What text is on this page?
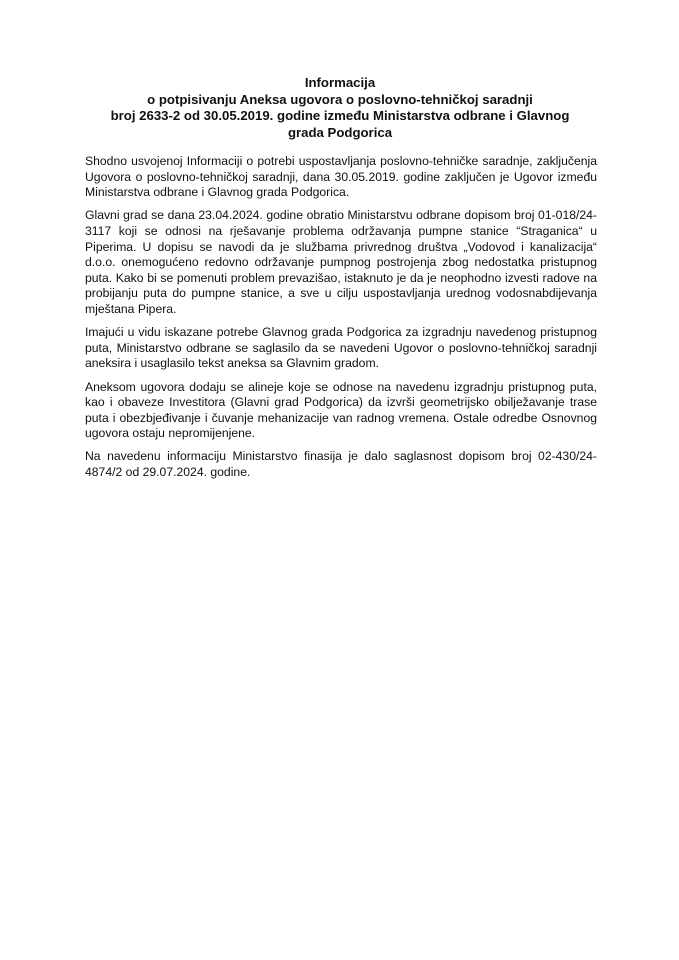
Informacija
o potpisivanju Aneksa ugovora o poslovno-tehničkoj saradnji
broj 2633-2 od 30.05.2019. godine između Ministarstva odbrane i Glavnog
grada Podgorica

Shodno usvojenoj Informaciji o potrebi uspostavljanja poslovno-tehničke saradnje, zaključenja Ugovora o poslovno-tehničkoj saradnji, dana 30.05.2019. godine zaključen je Ugovor između Ministarstva odbrane i Glavnog grada Podgorica.

Glavni grad se dana 23.04.2024. godine obratio Ministarstvu odbrane dopisom broj 01-018/24-3117 koji se odnosi na rješavanje problema održavanja pumpne stanice “Straganica“ u Piperima. U dopisu se navodi da je službama privrednog društva „Vodovod i kanalizacija“ d.o.o. onemogućeno redovno održavanje pumpnog postrojenja zbog nedostatka pristupnog puta. Kako bi se pomenuti problem prevazišao, istaknuto je da je neophodno izvesti radove na probijanju puta do pumpne stanice, a sve u cilju uspostavljanja urednog vodosnabdijevanja mještana Pipera.

Imajući u vidu iskazane potrebe Glavnog grada Podgorica za izgradnju navedenog pristupnog puta, Ministarstvo odbrane se saglasilo da se navedeni Ugovor o poslovno-tehničkoj saradnji aneksira i usaglasilo tekst aneksa sa Glavnim gradom.

Aneksom ugovora dodaju se alineje koje se odnose na navedenu izgradnju pristupnog puta, kao i obaveze Investitora (Glavni grad Podgorica) da izvrši geometrijsko obilježavanje trase puta i obezbjeđivanje i čuvanje mehanizacije van radnog vremena. Ostale odredbe Osnovnog ugovora ostaju nepromijenjene.

Na navedenu informaciju Ministarstvo finasija je dalo saglasnost dopisom broj 02-430/24-4874/2 od 29.07.2024. godine.
